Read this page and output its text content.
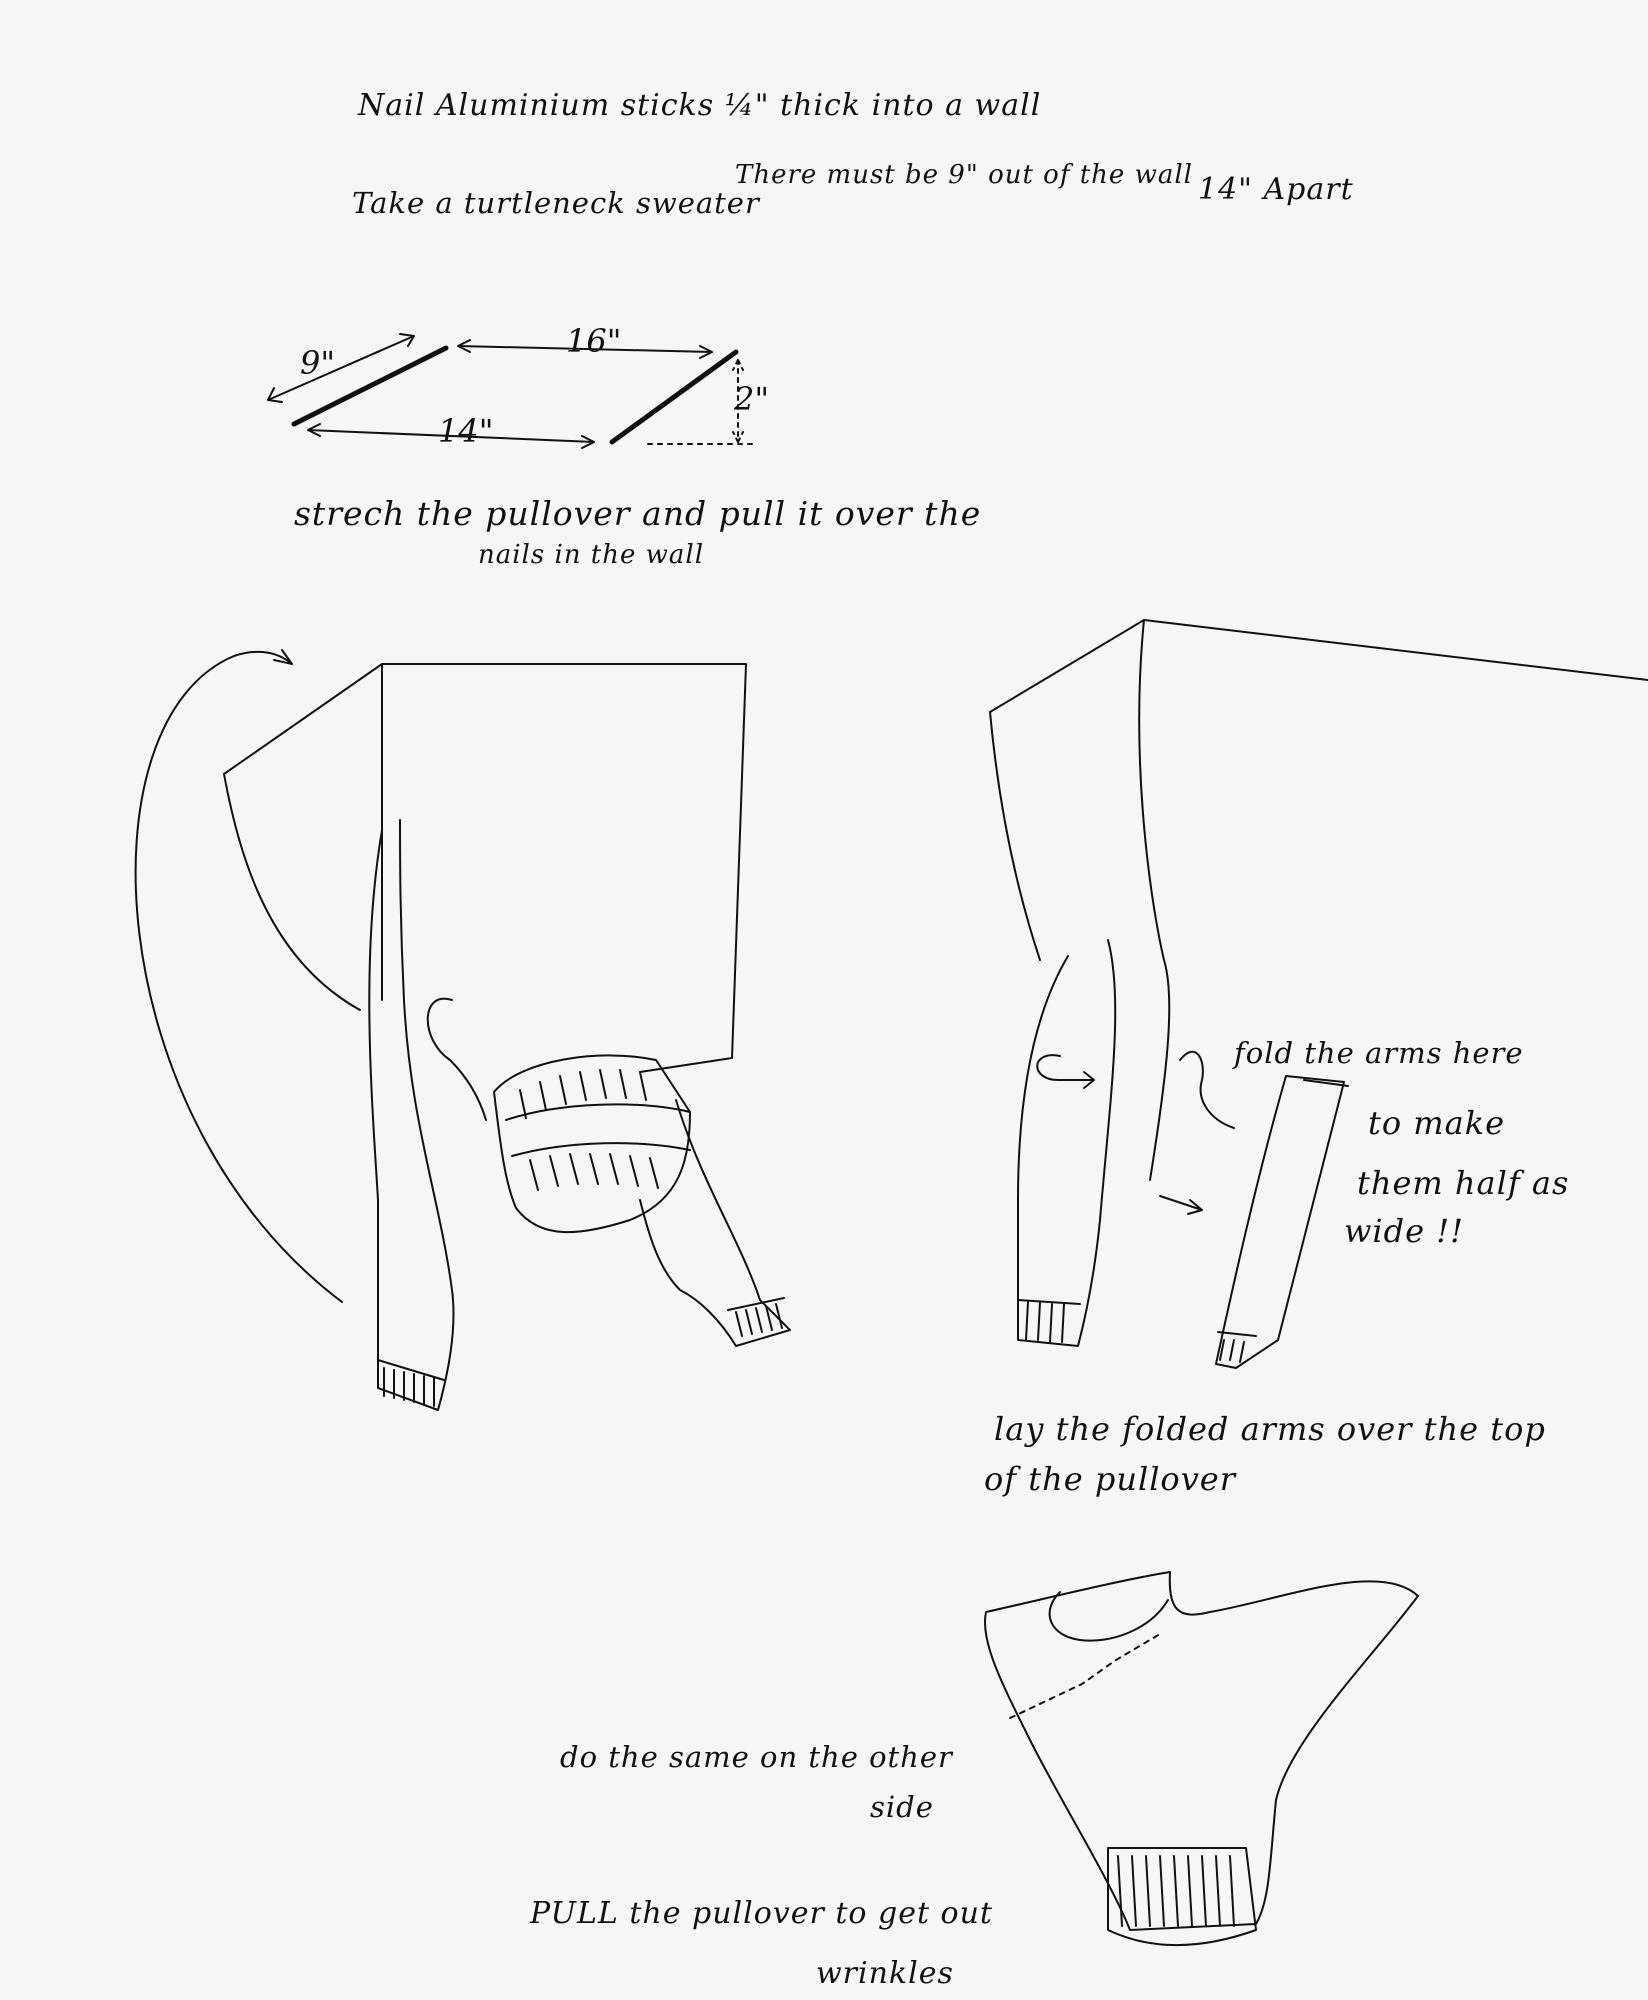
Nail Aluminium sticks ¼" thick into a wall
Take a turtleneck sweater
There must be 9" out of the wall 14" Apart
9"
16"
14"
2"
strech the pullover and pull it over the
nails in the wall
fold the arms here
to make
them half as
wide !!
lay the folded arms over the top
of the pullover
do the same on the other
side
PULL the pullover to get out
wrinkles
